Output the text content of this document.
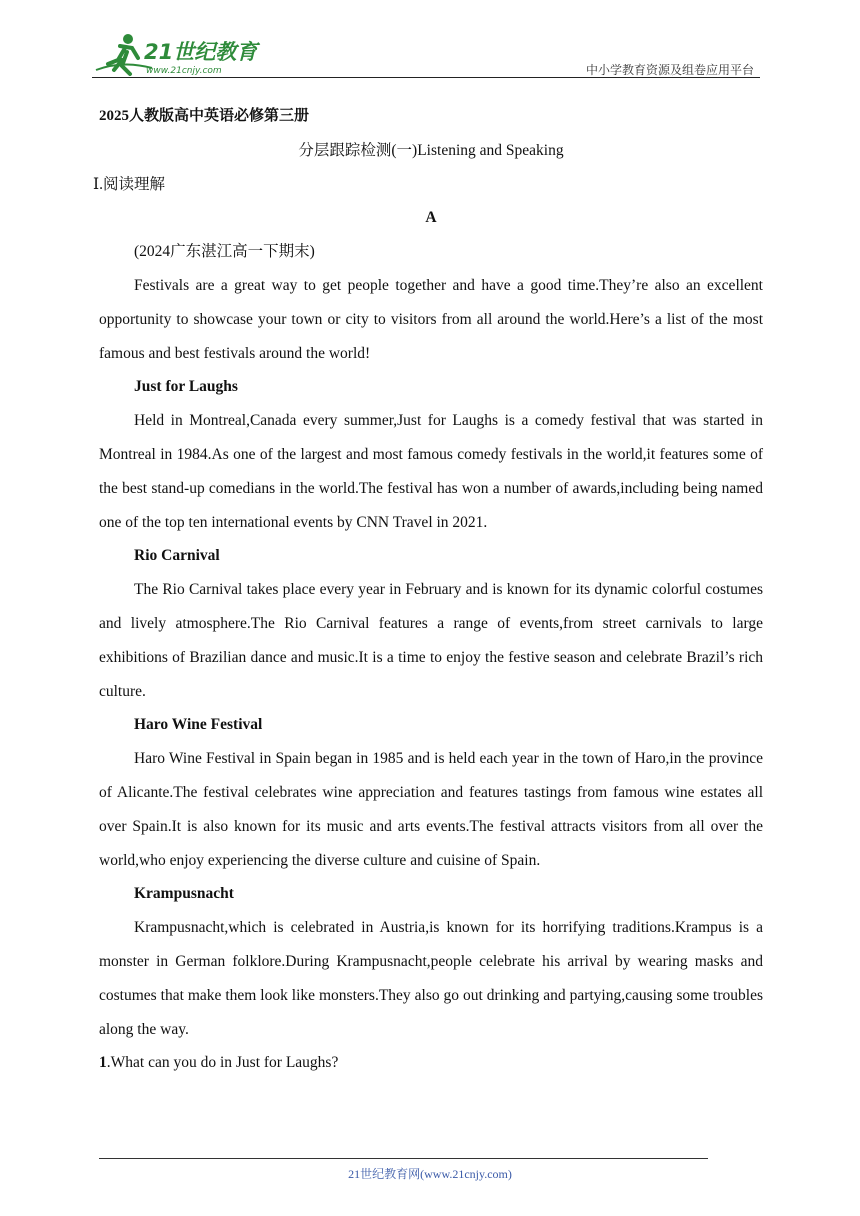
21世纪教育
www.21cnjy.com	中小学教育资源及组卷应用平台

2025人教版高中英语必修第三册

分层跟踪检测(一)Listening and Speaking

Ⅰ.阅读理解

A

(2024广东湛江高一下期末)

Festivals are a great way to get people together and have a good time.They’re also an excellent opportunity to showcase your town or city to visitors from all around the world.Here’s a list of the most famous and best festivals around the world!

Just for Laughs

Held in Montreal,Canada every summer,Just for Laughs is a comedy festival that was started in Montreal in 1984.As one of the largest and most famous comedy festivals in the world,it features some of the best stand-up comedians in the world.The festival has won a number of awards,including being named one of the top ten international events by CNN Travel in 2021.

Rio Carnival

The Rio Carnival takes place every year in February and is known for its dynamic colorful costumes and lively atmosphere.The Rio Carnival features a range of events,from street carnivals to large exhibitions of Brazilian dance and music.It is a time to enjoy the festive season and celebrate Brazil’s rich culture.

Haro Wine Festival

Haro Wine Festival in Spain began in 1985 and is held each year in the town of Haro,in the province of Alicante.The festival celebrates wine appreciation and features tastings from famous wine estates all over Spain.It is also known for its music and arts events.The festival attracts visitors from all over the world,who enjoy experiencing the diverse culture and cuisine of Spain.

Krampusnacht

Krampusnacht,which is celebrated in Austria,is known for its horrifying traditions.Krampus is a monster in German folklore.During Krampusnacht,people celebrate his arrival by wearing masks and costumes that make them look like monsters.They also go out drinking and partying,causing some troubles along the way.

1.What can you do in Just for Laughs?

21世纪教育网(www.21cnjy.com)
